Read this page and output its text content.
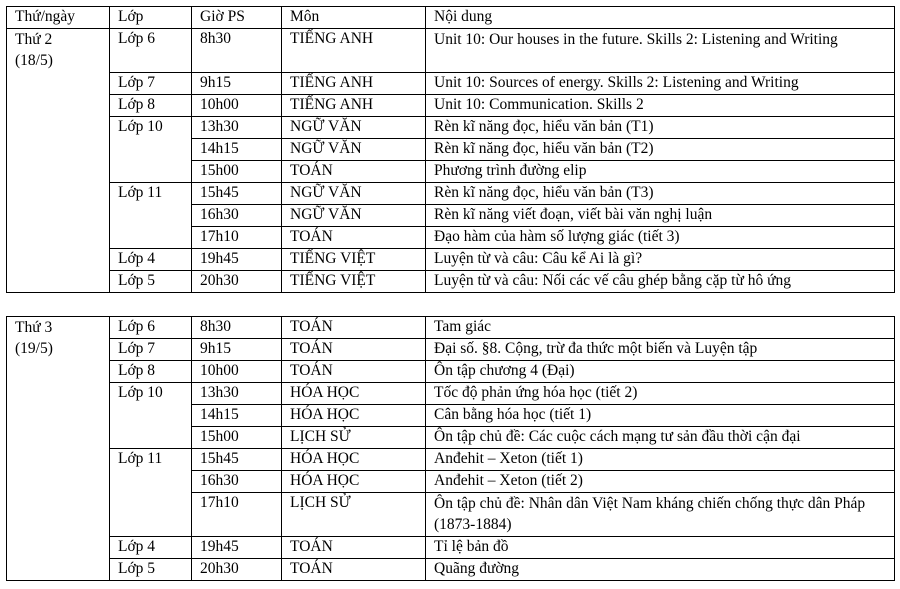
Thứ/ngày	Lớp	Giờ PS	Môn	Nội dung
Thứ 2
(18/5)	Lớp 6	8h30	TIẾNG ANH	Unit 10: Our houses in the future. Skills 2: Listening and Writing
	Lớp 7	9h15	TIẾNG ANH	Unit 10: Sources of energy. Skills 2: Listening and Writing
	Lớp 8	10h00	TIẾNG ANH	Unit 10: Communication. Skills 2
	Lớp 10	13h30	NGỮ VĂN	Rèn kĩ năng đọc, hiểu văn bản (T1)
		14h15	NGỮ VĂN	Rèn kĩ năng đọc, hiểu văn bản (T2)
		15h00	TOÁN	Phương trình đường elip
	Lớp 11	15h45	NGỮ VĂN	Rèn kĩ năng đọc, hiểu văn bản (T3)
		16h30	NGỮ VĂN	Rèn kĩ năng viết đoạn, viết bài văn nghị luận
		17h10	TOÁN	Đạo hàm của hàm số lượng giác (tiết 3)
	Lớp 4	19h45	TIẾNG VIỆT	Luyện từ và câu: Câu kể Ai là gì?
	Lớp 5	20h30	TIẾNG VIỆT	Luyện từ và câu: Nối các vế câu ghép bằng cặp từ hô ứng
Thứ 3
(19/5)	Lớp 6	8h30	TOÁN	Tam giác
	Lớp 7	9h15	TOÁN	Đại số. §8. Cộng, trừ đa thức một biến và Luyện tập
	Lớp 8	10h00	TOÁN	Ôn tập chương 4 (Đại)
	Lớp 10	13h30	HÓA HỌC	Tốc độ phản ứng hóa học (tiết 2)
		14h15	HÓA HỌC	Cân bằng hóa học (tiết 1)
		15h00	LỊCH SỬ	Ôn tập chủ đề: Các cuộc cách mạng tư sản đầu thời cận đại
	Lớp 11	15h45	HÓA HỌC	Anđehit – Xeton (tiết 1)
		16h30	HÓA HỌC	Anđehit – Xeton (tiết 2)
		17h10	LỊCH SỬ	Ôn tập chủ đề: Nhân dân Việt Nam kháng chiến chống thực dân Pháp (1873-1884)
	Lớp 4	19h45	TOÁN	Tỉ lệ bản đồ
	Lớp 5	20h30	TOÁN	Quãng đường
